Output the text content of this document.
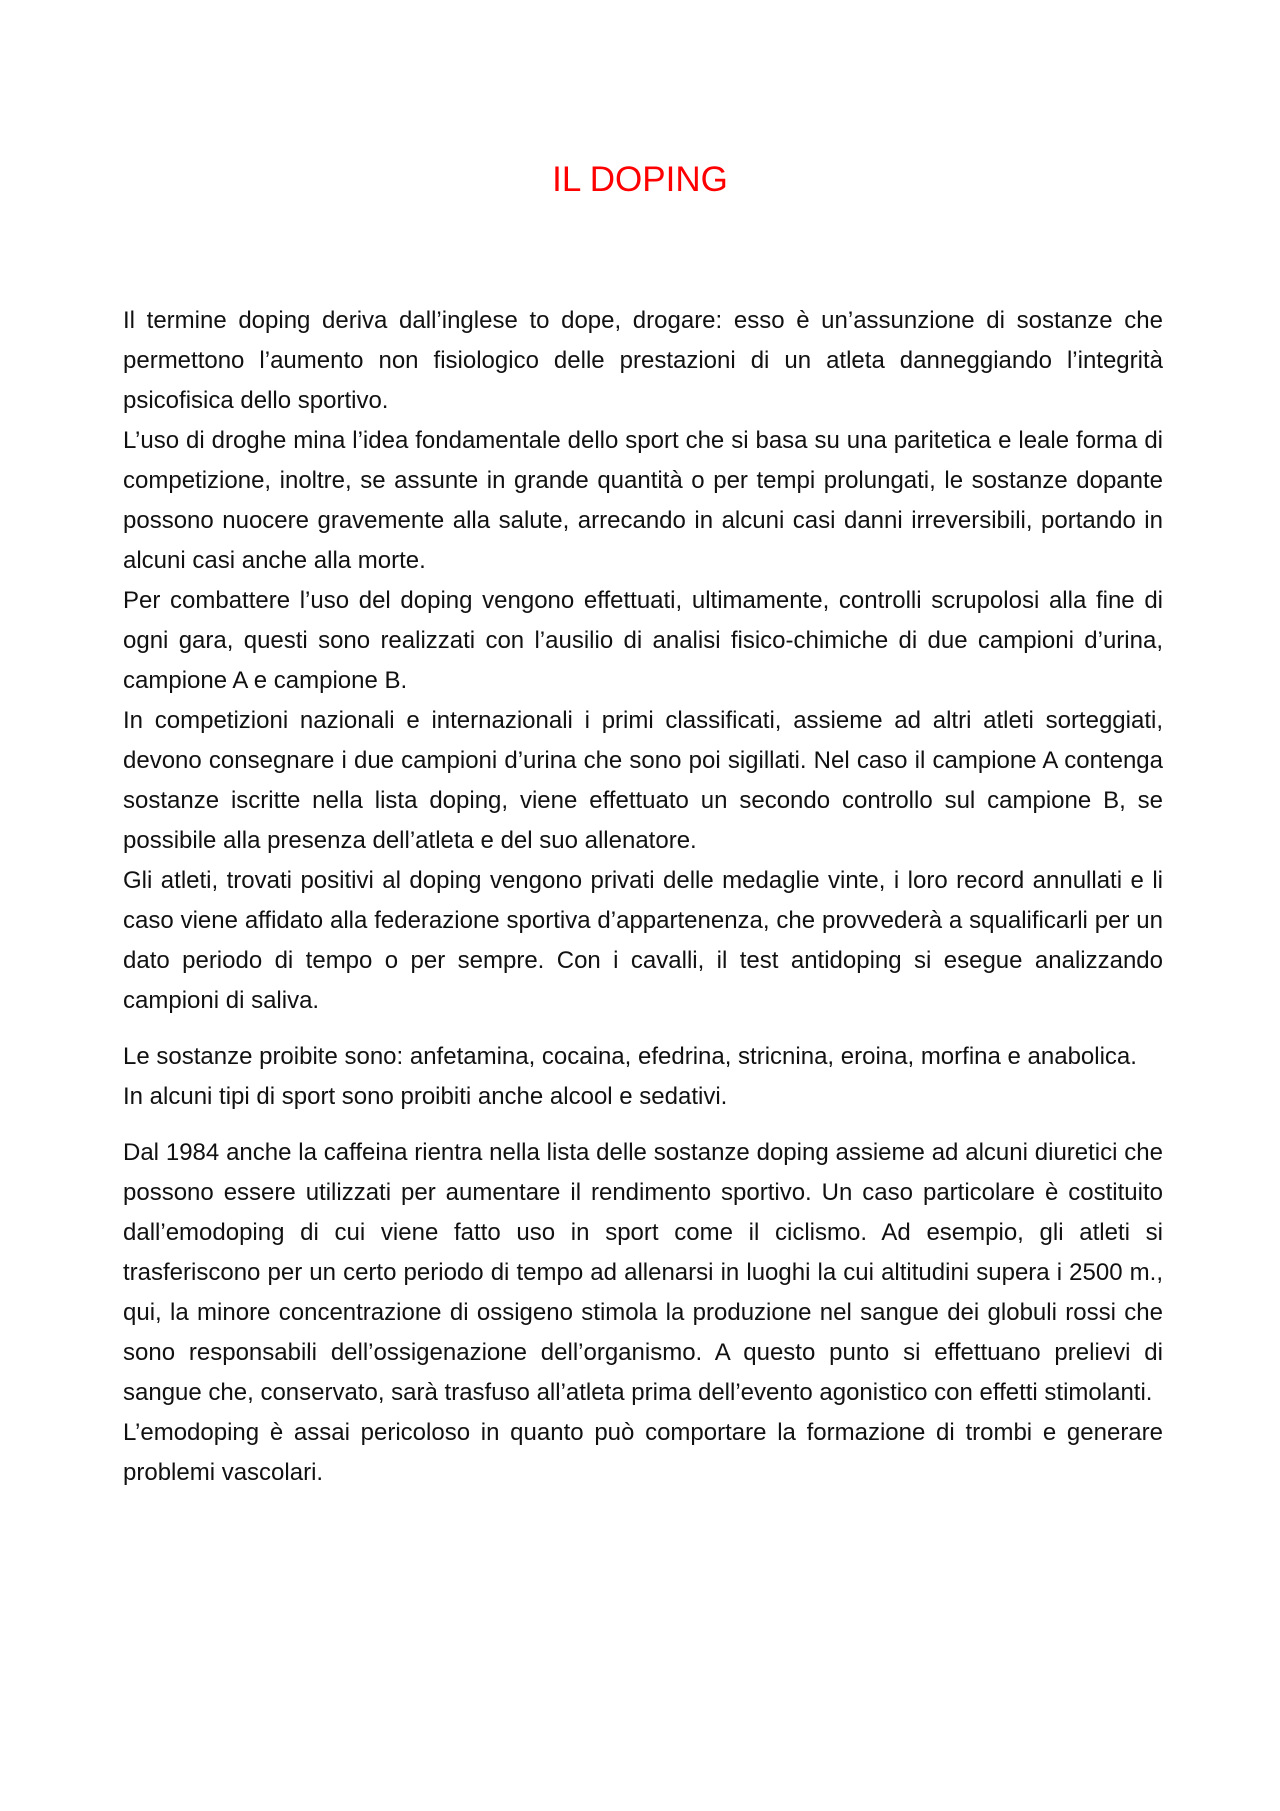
IL DOPING

Il termine doping deriva dall’inglese to dope, drogare: esso è un’assunzione di sostanze che permettono l’aumento non fisiologico delle prestazioni di un atleta danneggiando l’integrità psicofisica dello sportivo.

L’uso di droghe mina l’idea fondamentale dello sport che si basa su una paritetica e leale forma di competizione, inoltre, se assunte in grande quantità o per tempi prolungati, le sostanze dopante possono nuocere gravemente alla salute, arrecando in alcuni casi danni irreversibili, portando in alcuni casi anche alla morte.

Per combattere l’uso del doping vengono effettuati, ultimamente, controlli scrupolosi alla fine di ogni gara, questi sono realizzati con l’ausilio di analisi fisico-chimiche di due campioni d’urina, campione A e campione B.

In competizioni nazionali e internazionali i primi classificati, assieme ad altri atleti sorteggiati, devono consegnare i due campioni d’urina che sono poi sigillati. Nel caso il campione A contenga sostanze iscritte nella lista doping, viene effettuato un secondo controllo sul campione B, se possibile alla presenza dell’atleta e del suo allenatore.

Gli atleti, trovati positivi al doping vengono privati delle medaglie vinte, i loro record annullati e li caso viene affidato alla federazione sportiva d’appartenenza, che provvederà a squalificarli per un dato periodo di tempo o per sempre. Con i cavalli, il test antidoping si esegue analizzando campioni di saliva.

Le sostanze proibite sono: anfetamina, cocaina, efedrina, stricnina, eroina, morfina e anabolica.

In alcuni tipi di sport sono proibiti anche alcool e sedativi.

Dal 1984 anche la caffeina rientra nella lista delle sostanze doping assieme ad alcuni diuretici che possono essere utilizzati per aumentare il rendimento sportivo. Un caso particolare è costituito dall’emodoping di cui viene fatto uso in sport come il ciclismo. Ad esempio, gli atleti si trasferiscono per un certo periodo di tempo ad allenarsi in luoghi la cui altitudini supera i 2500 m., qui, la minore concentrazione di ossigeno stimola la produzione nel sangue dei globuli rossi che sono responsabili dell’ossigenazione dell’organismo. A questo punto si effettuano prelievi di sangue che, conservato, sarà trasfuso all’atleta prima dell’evento agonistico con effetti stimolanti.

L’emodoping è assai pericoloso in quanto può comportare la formazione di trombi e generare problemi vascolari.
